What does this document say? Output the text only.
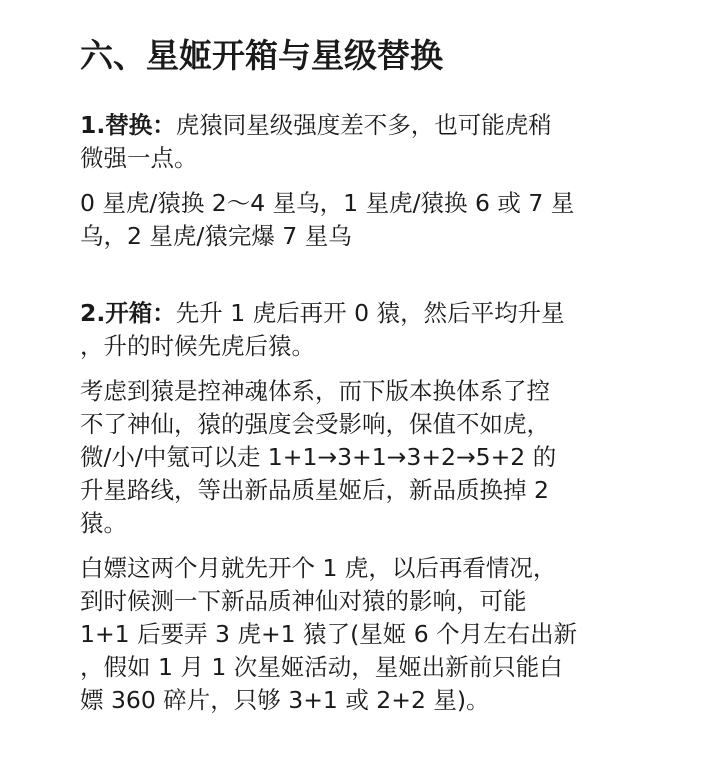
六、星姬开箱与星级替换
1.替换：虎猿同星级强度差不多，也可能虎稍
微强一点。
0 星虎/猿换 2～4 星乌，1 星虎/猿换 6 或 7 星
乌，2 星虎/猿完爆 7 星乌
2.开箱：先升 1 虎后再开 0 猿，然后平均升星
，升的时候先虎后猿。
考虑到猿是控神魂体系，而下版本换体系了控
不了神仙，猿的强度会受影响，保值不如虎，
微/小/中氪可以走 1+1→3+1→3+2→5+2 的
升星路线，等出新品质星姬后，新品质换掉 2
猿。
白嫖这两个月就先开个 1 虎，以后再看情况，
到时候测一下新品质神仙对猿的影响，可能
1+1 后要弄 3 虎+1 猿了(星姬 6 个月左右出新
，假如 1 月 1 次星姬活动，星姬出新前只能白
嫖 360 碎片，只够 3+1 或 2+2 星)。
